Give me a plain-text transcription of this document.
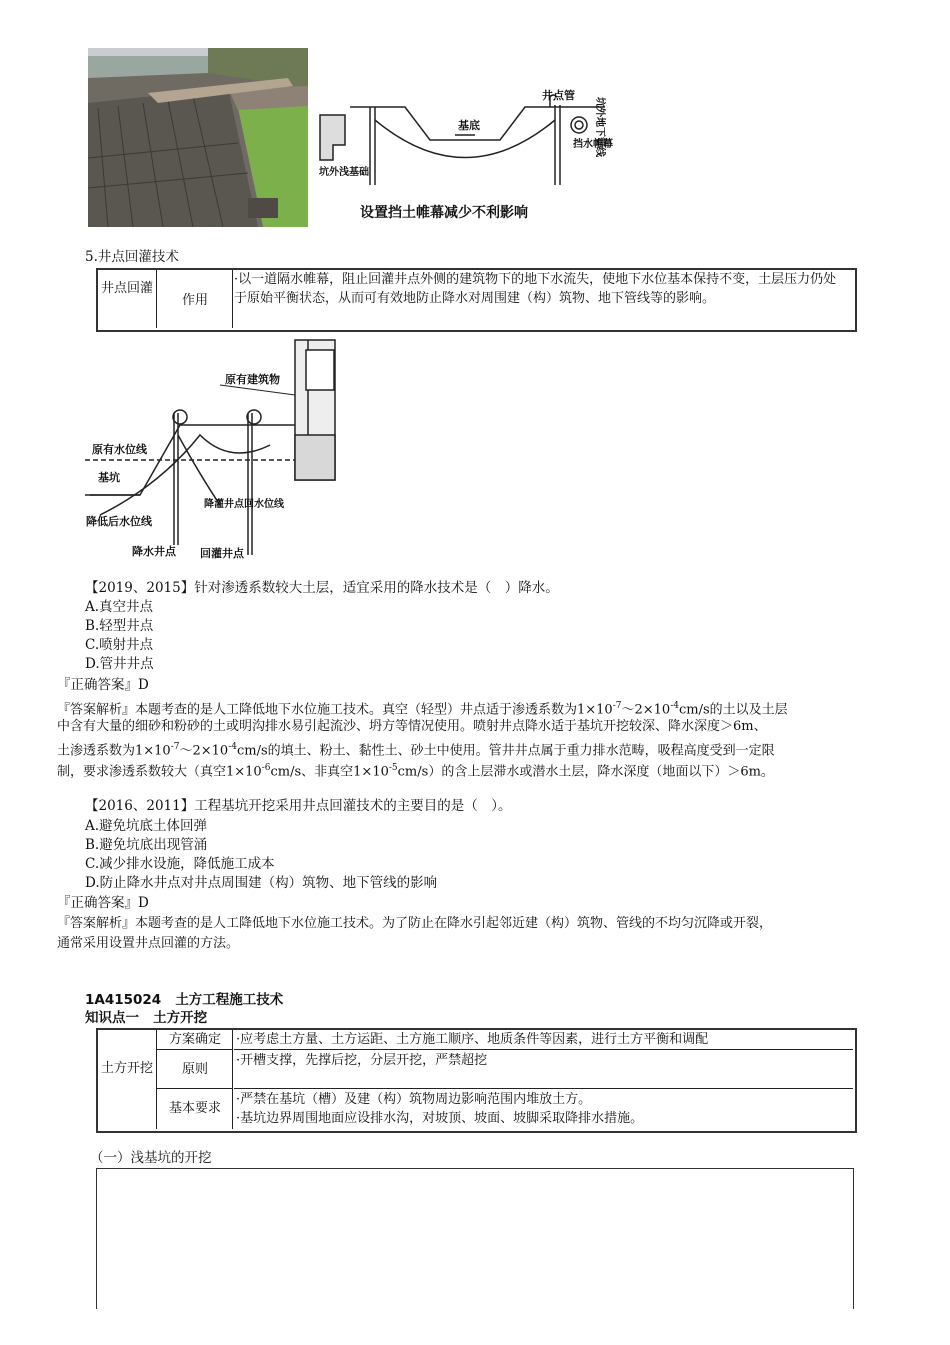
井点管
基底
坑外浅基础
挡水帷幕
坑外地下管线
设置挡土帷幕减少不利影响
5.井点回灌技术
井点回灌
作用
·以一道隔水帷幕，阻止回灌井点外侧的建筑物下的地下水流失，使地下水位基本保持不变，土层压力仍处于原始平衡状态，从而可有效地防止降水对周围建（构）筑物、地下管线等的影响。
原有建筑物
原有水位线
基坑
降低后水位线
降水井点 回灌井点
降灌井点回水位线
【2019、2015】针对渗透系数较大土层，适宜采用的降水技术是（　）降水。
A.真空井点
B.轻型井点
C.喷射井点
D.管井井点
『正确答案』D
『答案解析』本题考查的是人工降低地下水位施工技术。真空（轻型）井点适于渗透系数为$1\times 10^{-7}\sim 2\times 10^{-4}cm/s$的土以及土层
中含有大量的细砂和粉砂的土或明沟排水易引起流沙、坍方等情况使用。喷射井点降水适于基坑开挖较深、降水深度＞6m、
土渗透系数为$1\times 10^{-7}\sim 2\times 10^{-4}cm/s$的填土、粉土、黏性土、砂土中使用。管井井点属于重力排水范畴，吸程高度受到一定限
制，要求渗透系数较大（真空$1\times 10^{-6}cm/s$、非真空$1\times 10^{-5}cm/s$）的含上层滞水或潜水土层，降水深度（地面以下）＞6m。
【2016、2011】工程基坑开挖采用井点回灌技术的主要目的是（　）。
A.避免坑底土体回弹
B.避免坑底出现管涌
C.减少排水设施，降低施工成本
D.防止降水井点对井点周围建（构）筑物、地下管线的影响
『正确答案』D
『答案解析』本题考查的是人工降低地下水位施工技术。为了防止在降水引起邻近建（构）筑物、管线的不均匀沉降或开裂，
通常采用设置井点回灌的方法。
1A415024 土方工程施工技术
知识点一 土方开挖
土方开挖
方案确定	·应考虑土方量、土方运距、土方施工顺序、地质条件等因素，进行土方平衡和调配
原则
·开槽支撑，先撑后挖，分层开挖，严禁超挖
基本要求
·严禁在基坑（槽）及建（构）筑物周边影响范围内堆放土方。
·基坑边界周围地面应设排水沟，对坡顶、坡面、坡脚采取降排水措施。
（一）浅基坑的开挖
